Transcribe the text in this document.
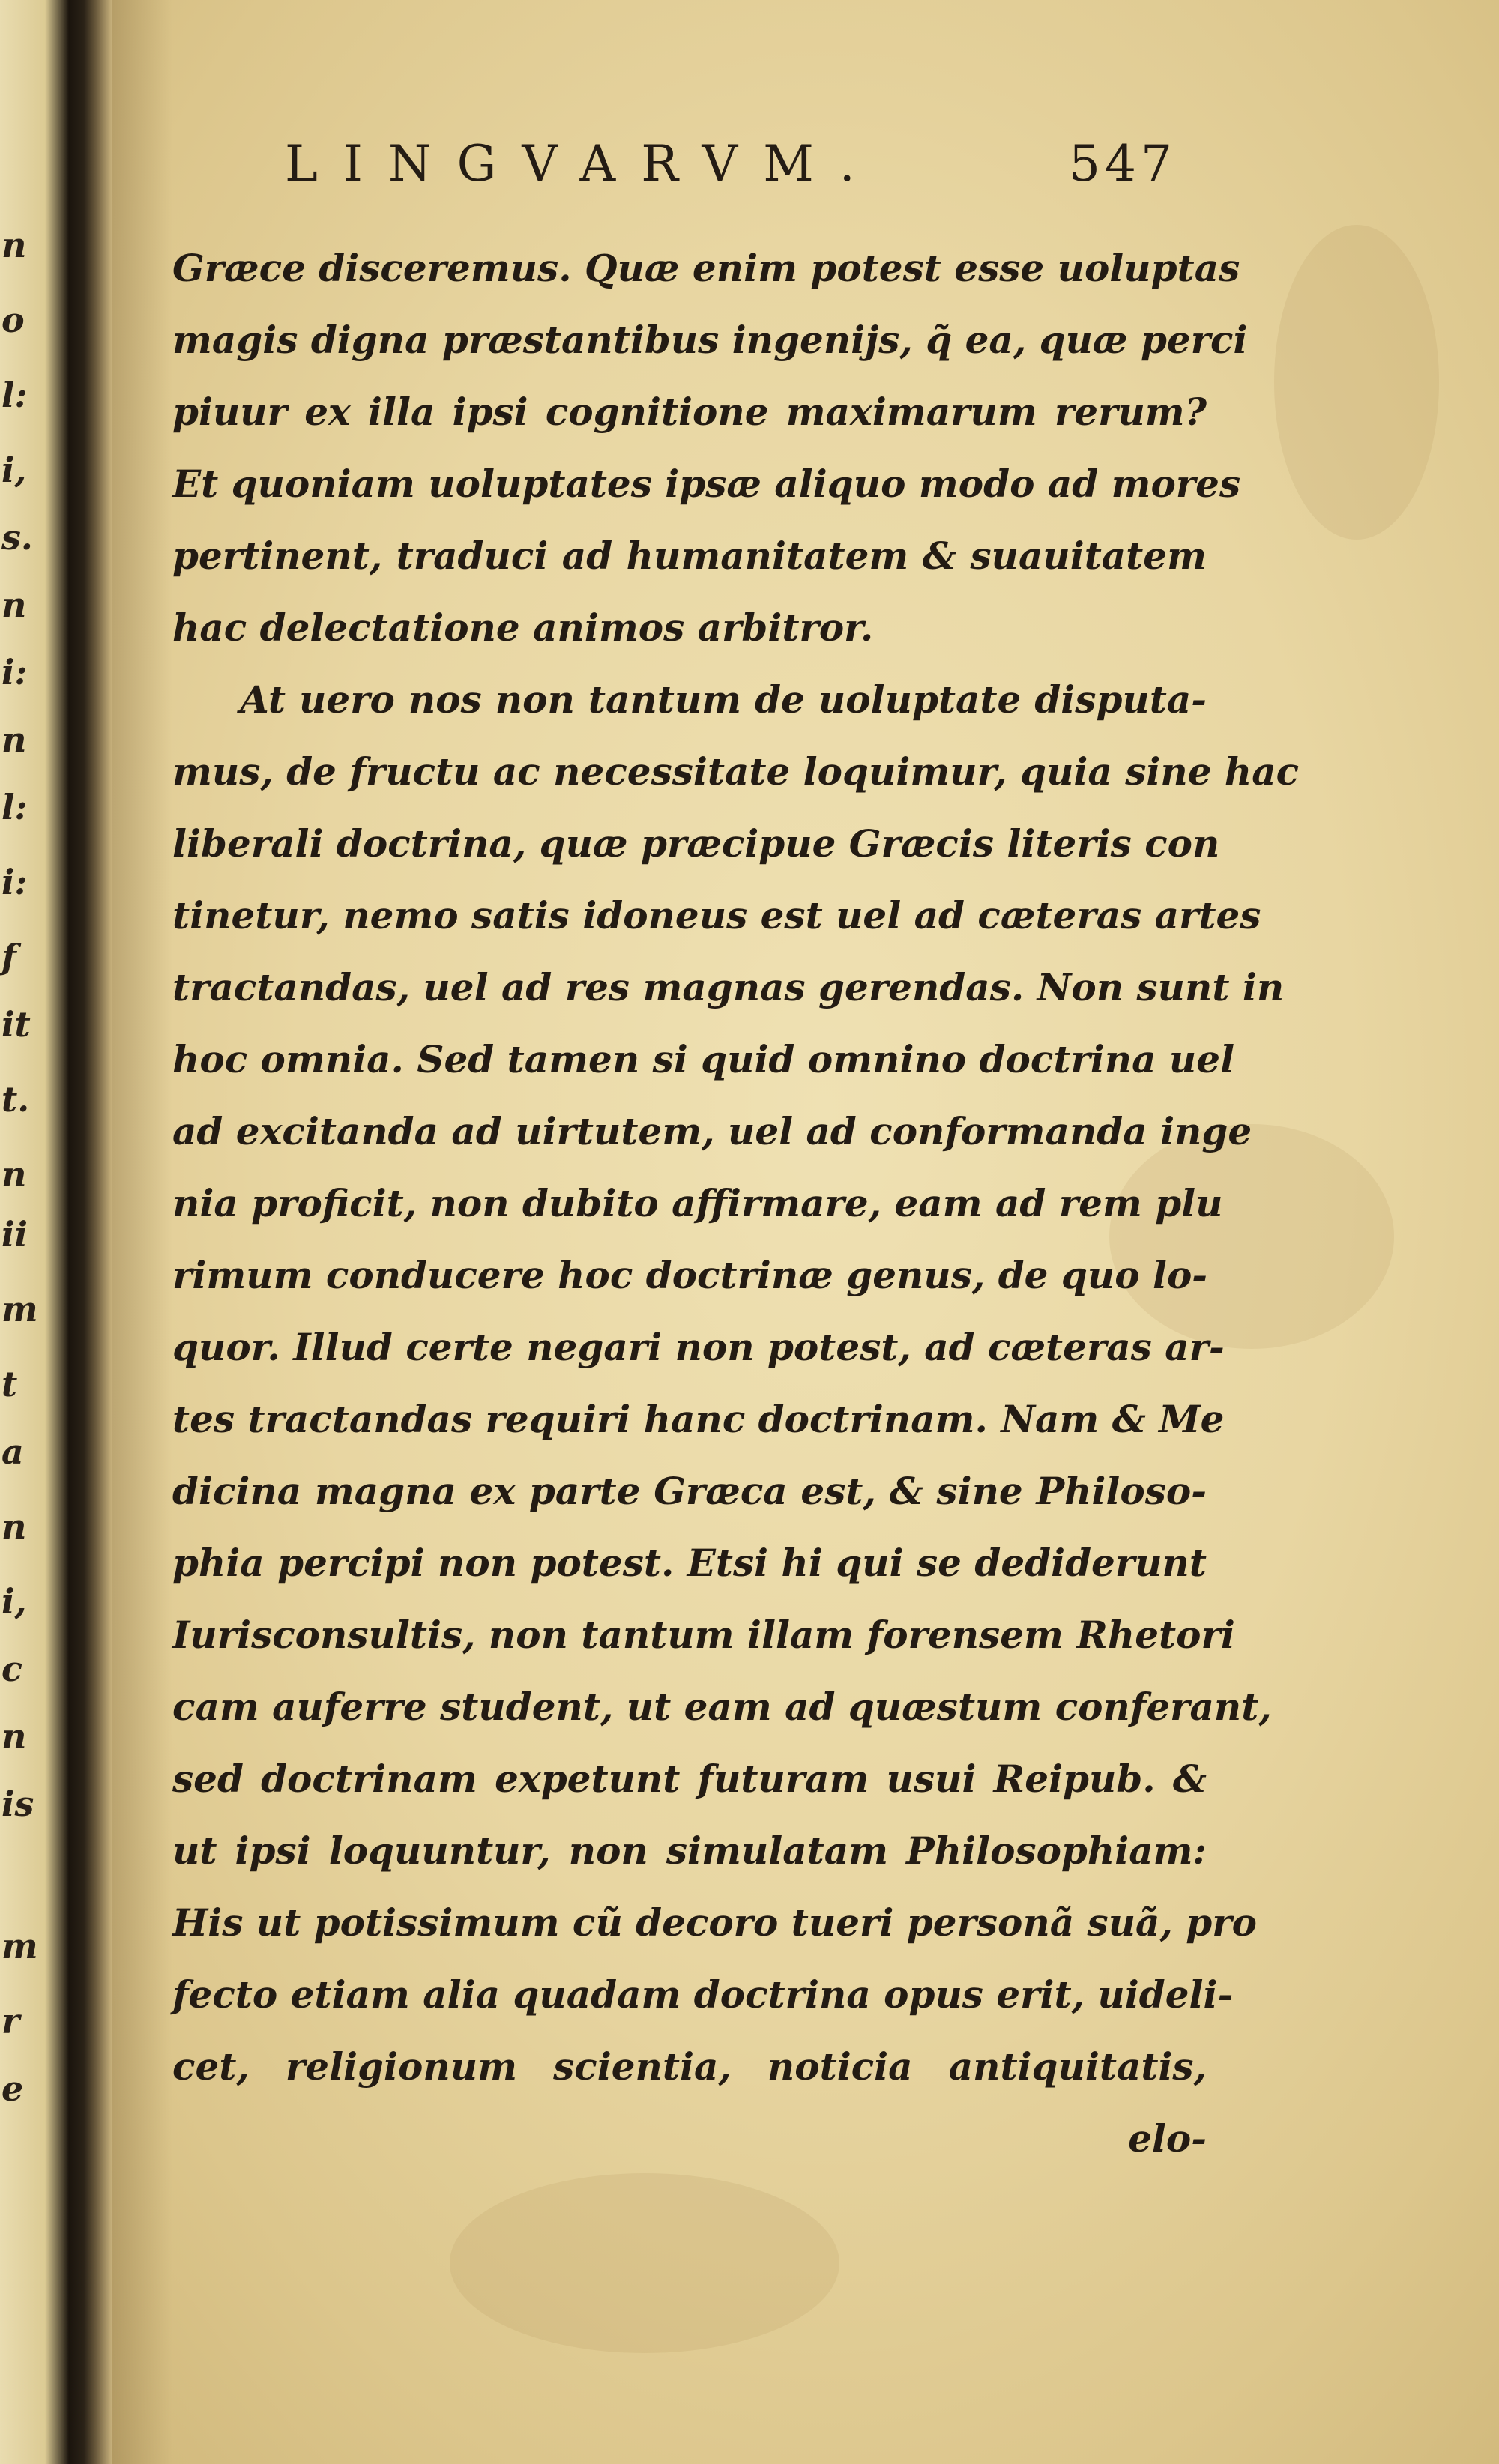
n
o
l:
i,
s.
n
i:
n
l:
i:
f
it
t.
n
ii
m
t
a
n
i,
c
n
is
m
r
e
LINGVARVM.	547
Græce disceremus. Quæ enim potest esse uoluptas
magis digna præstantibus ingenijs, q̃ ea, quæ perci
piuur ex illa ipsi cognitione maximarum rerum?
Et quoniam uoluptates ipsæ aliquo modo ad mores
pertinent, traduci ad humanitatem & suauitatem
hac delectatione animos arbitror.
At uero nos non tantum de uoluptate disputa-
mus, de fructu ac necessitate loquimur, quia sine hac
liberali doctrina, quæ præcipue Græcis literis con
tinetur, nemo satis idoneus est uel ad cæteras artes
tractandas, uel ad res magnas gerendas. Non sunt in
hoc omnia. Sed tamen si quid omnino doctrina uel
ad excitanda ad uirtutem, uel ad conformanda inge
nia proficit, non dubito affirmare, eam ad rem plu
rimum conducere hoc doctrinæ genus, de quo lo-
quor. Illud certe negari non potest, ad cæteras ar-
tes tractandas requiri hanc doctrinam. Nam & Me
dicina magna ex parte Græca est, & sine Philoso-
phia percipi non potest. Etsi hi qui se dediderunt
Iurisconsultis, non tantum illam forensem Rhetori
cam auferre student, ut eam ad quæstum conferant,
sed doctrinam expetunt futuram usui Reipub. &
ut ipsi loquuntur, non simulatam Philosophiam:
His ut potissimum cũ decoro tueri personã suã, pro
fecto etiam alia quadam doctrina opus erit, uideli-
cet, religionum scientia, noticia antiquitatis,
elo-
